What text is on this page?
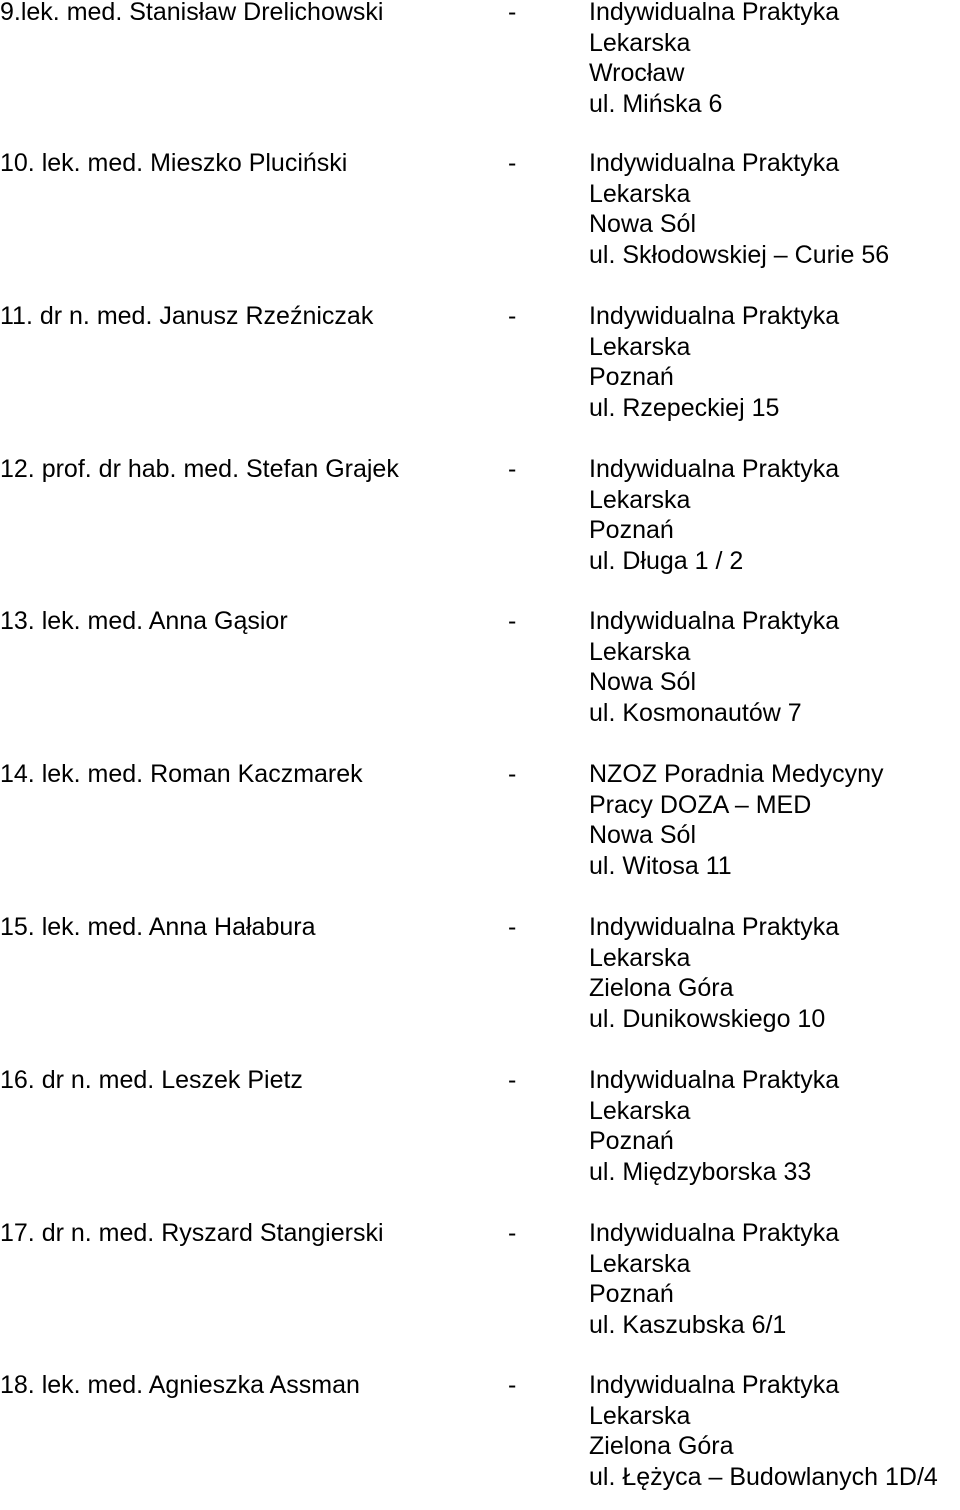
9.lek. med. Stanisław Drelichowski	-	Indywidualna Praktyka
Lekarska
Wrocław
ul. Mińska 6
10. lek. med. Mieszko Pluciński	-	Indywidualna Praktyka
Lekarska
Nowa Sól
ul. Skłodowskiej – Curie 56
11. dr n. med. Janusz Rzeźniczak	-	Indywidualna Praktyka
Lekarska
Poznań
ul. Rzepeckiej 15
12. prof. dr hab. med. Stefan Grajek	-	Indywidualna Praktyka
Lekarska
Poznań
ul. Długa 1 / 2
13. lek. med. Anna Gąsior	-	Indywidualna Praktyka
Lekarska
Nowa Sól
ul. Kosmonautów 7
14. lek. med. Roman Kaczmarek	-	NZOZ Poradnia Medycyny
Pracy DOZA – MED
Nowa Sól
ul. Witosa 11
15. lek. med. Anna Hałabura	-	Indywidualna Praktyka
Lekarska
Zielona Góra
ul. Dunikowskiego 10
16. dr n. med. Leszek Pietz	-	Indywidualna Praktyka
Lekarska
Poznań
ul. Międzyborska 33
17. dr n. med. Ryszard Stangierski	-	Indywidualna Praktyka
Lekarska
Poznań
ul. Kaszubska 6/1
18. lek. med. Agnieszka Assman	-	Indywidualna Praktyka
Lekarska
Zielona Góra
ul. Łężyca – Budowlanych 1D/4
